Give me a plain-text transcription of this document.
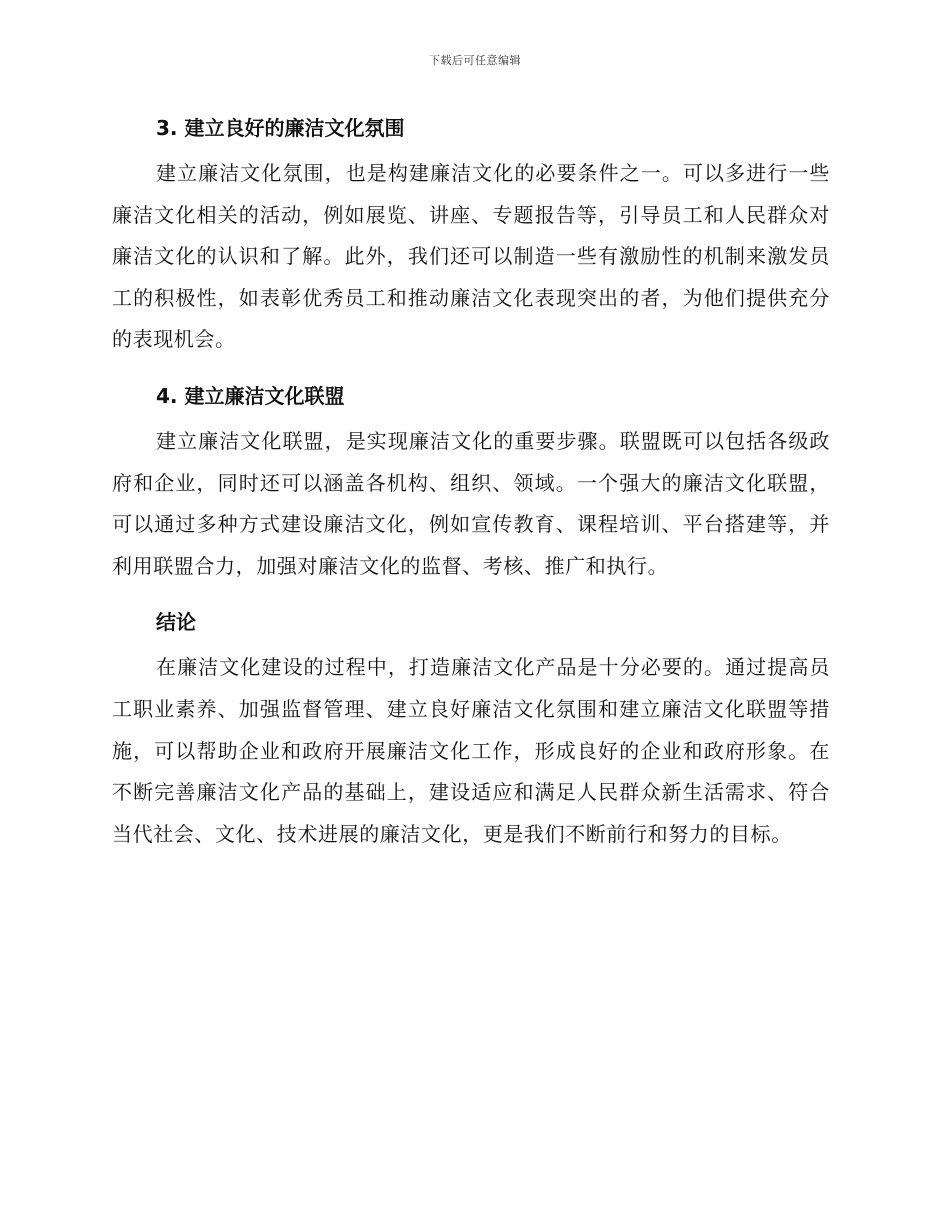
下载后可任意编辑
3. 建立良好的廉洁文化氛围

建立廉洁文化氛围，也是构建廉洁文化的必要条件之一。可以多进行一些廉洁文化相关的活动，例如展览、讲座、专题报告等，引导员工和人民群众对廉洁文化的认识和了解。此外，我们还可以制造一些有激励性的机制来激发员工的积极性，如表彰优秀员工和推动廉洁文化表现突出的者，为他们提供充分的表现机会。

4. 建立廉洁文化联盟

建立廉洁文化联盟，是实现廉洁文化的重要步骤。联盟既可以包括各级政府和企业，同时还可以涵盖各机构、组织、领域。一个强大的廉洁文化联盟，可以通过多种方式建设廉洁文化，例如宣传教育、课程培训、平台搭建等，并利用联盟合力，加强对廉洁文化的监督、考核、推广和执行。

结论

在廉洁文化建设的过程中，打造廉洁文化产品是十分必要的。通过提高员工职业素养、加强监督管理、建立良好廉洁文化氛围和建立廉洁文化联盟等措施，可以帮助企业和政府开展廉洁文化工作，形成良好的企业和政府形象。在不断完善廉洁文化产品的基础上，建设适应和满足人民群众新生活需求、符合当代社会、文化、技术进展的廉洁文化，更是我们不断前行和努力的目标。
